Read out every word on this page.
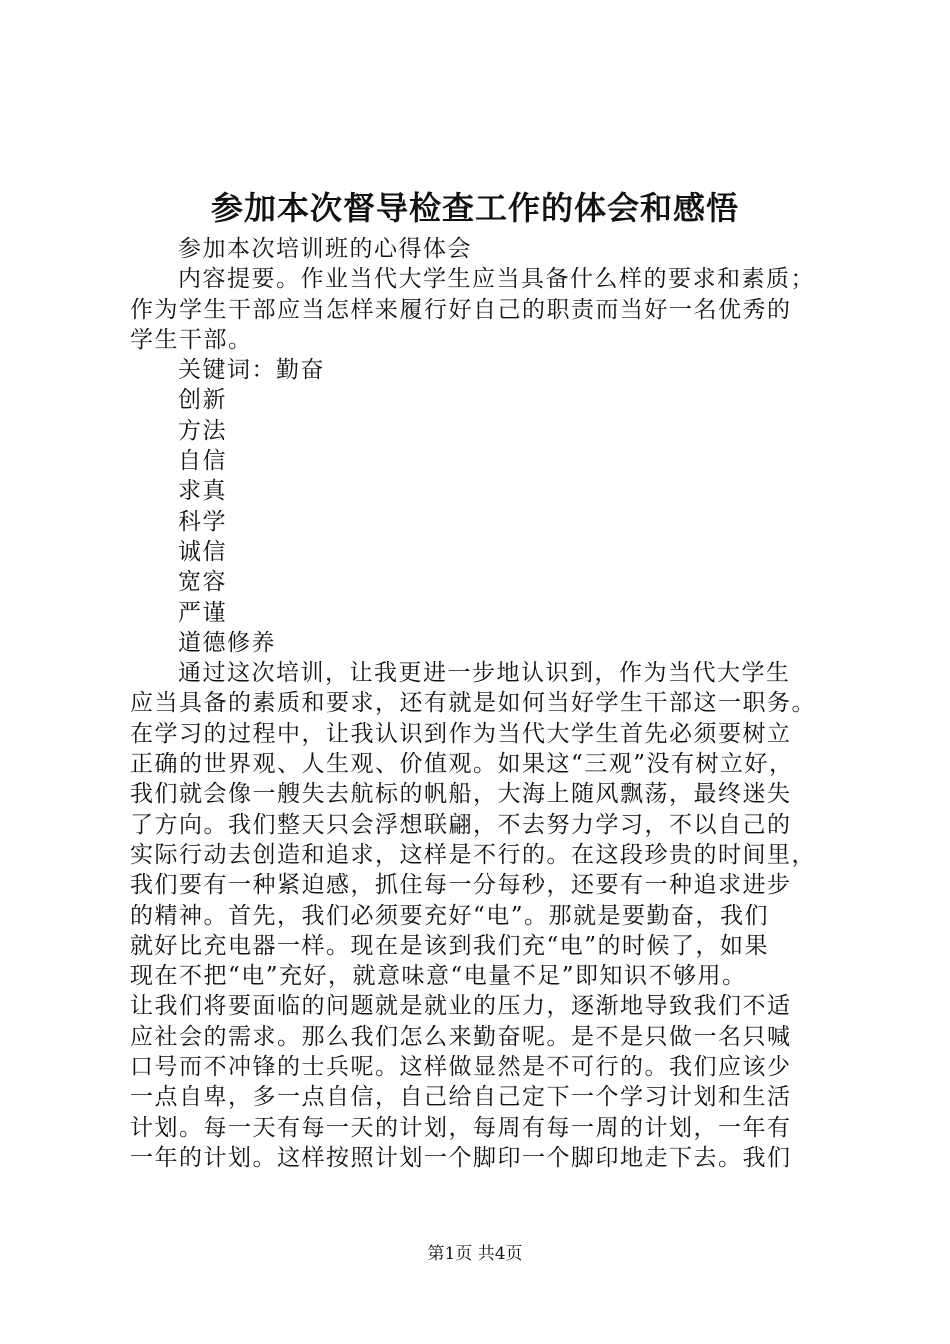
参加本次督导检查工作的体会和感悟

参加本次培训班的心得体会

内容提要。作业当代大学生应当具备什么样的要求和素质；

作为学生干部应当怎样来履行好自己的职责而当好一名优秀的

学生干部。

关键词：勤奋

创新
方法
自信
求真
科学
诚信
宽容
严谨
道德修养

通过这次培训，让我更进一步地认识到，作为当代大学生

应当具备的素质和要求，还有就是如何当好学生干部这一职务。

在学习的过程中，让我认识到作为当代大学生首先必须要树立

正确的世界观、人生观、价值观。如果这“三观”没有树立好，

我们就会像一艘失去航标的帆船，大海上随风飘荡，最终迷失

了方向。我们整天只会浮想联翩，不去努力学习，不以自己的

实际行动去创造和追求，这样是不行的。在这段珍贵的时间里，

我们要有一种紧迫感，抓住每一分每秒，还要有一种追求进步

的精神。首先，我们必须要充好“电”。那就是要勤奋，我们

就好比充电器一样。现在是该到我们充“电”的时候了，如果

现在不把“电”充好，就意味意“电量不足”即知识不够用。

让我们将要面临的问题就是就业的压力，逐渐地导致我们不适

应社会的需求。那么我们怎么来勤奋呢。是不是只做一名只喊

口号而不冲锋的士兵呢。这样做显然是不可行的。我们应该少

一点自卑，多一点自信，自己给自己定下一个学习计划和生活

计划。每一天有每一天的计划，每周有每一周的计划，一年有

一年的计划。这样按照计划一个脚印一个脚印地走下去。我们

第1页 共4页
